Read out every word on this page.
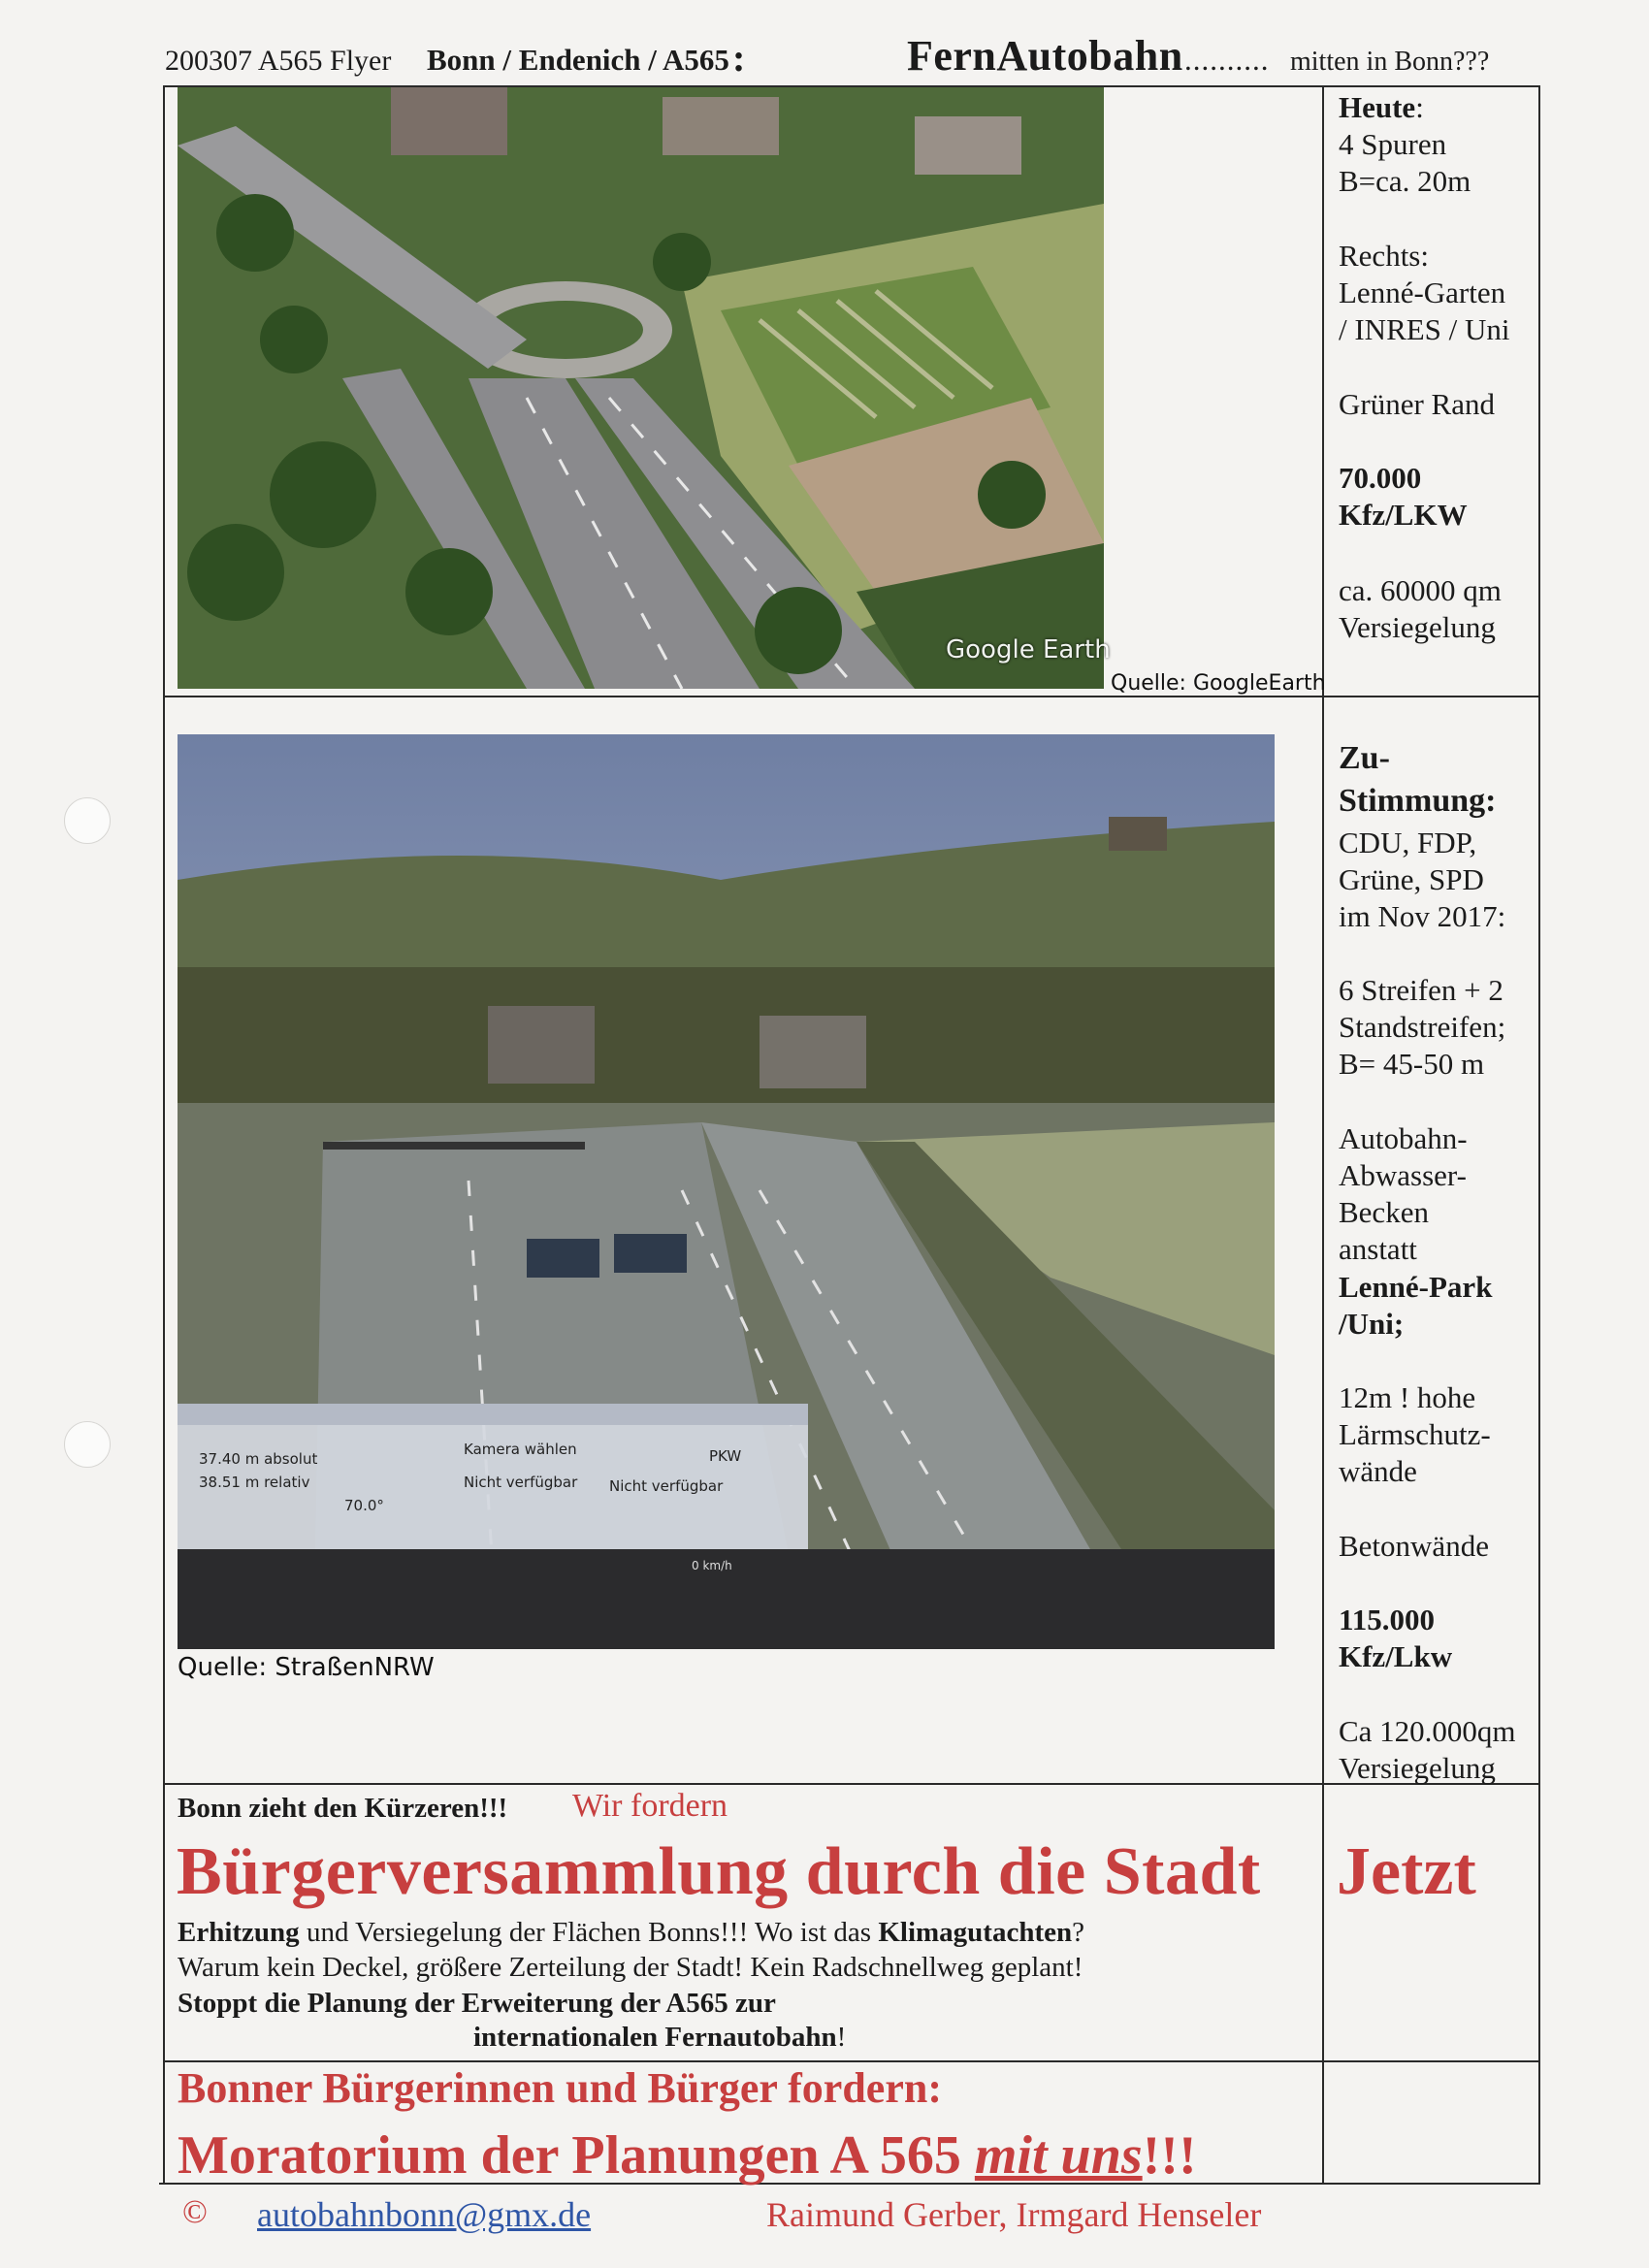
200307 A565 Flyer Bonn / Endenich / A565 :	FernAutobahn .......... mitten in Bonn???
Google Earth
Quelle: GoogleEarth
37.40 m absolut
38.51 m relativ
70.0°
Kamera wählen	PKW
Nicht verfügbar Nicht verfügbar
0 km/h
Quelle: StraßenNRW
Heute:
4 Spuren
B=ca. 20m
Rechts:
Lenné-Garten
/ INRES / Uni
Grüner Rand
70.000
Kfz/LKW
ca. 60000 qm
Versiegelung
Zu-
Stimmung:
CDU, FDP,
Grüne, SPD
im Nov 2017:
6 Streifen + 2
Standstreifen;
B= 45-50 m
Autobahn-
Abwasser-
Becken
anstatt
Lenné-Park
/Uni;
12m ! hohe
Lärmschutz-
wände
Betonwände
115.000
Kfz/Lkw
Ca 120.000qm
Versiegelung
Bonn zieht den Kürzeren!!! Wir fordern
Bürgerversammlung durch die Stadt Jetzt
Erhitzung und Versiegelung der Flächen Bonns!!! Wo ist das Klimagutachten?
Warum kein Deckel, größere Zerteilung der Stadt! Kein Radschnellweg geplant!
Stoppt die Planung der Erweiterung der A565 zur
internationalen Fernautobahn!
Bonner Bürgerinnen und Bürger fordern:
Moratorium der Planungen A 565 mit uns!!!
© autobahnbonn@gmx.de	Raimund Gerber, Irmgard Henseler
